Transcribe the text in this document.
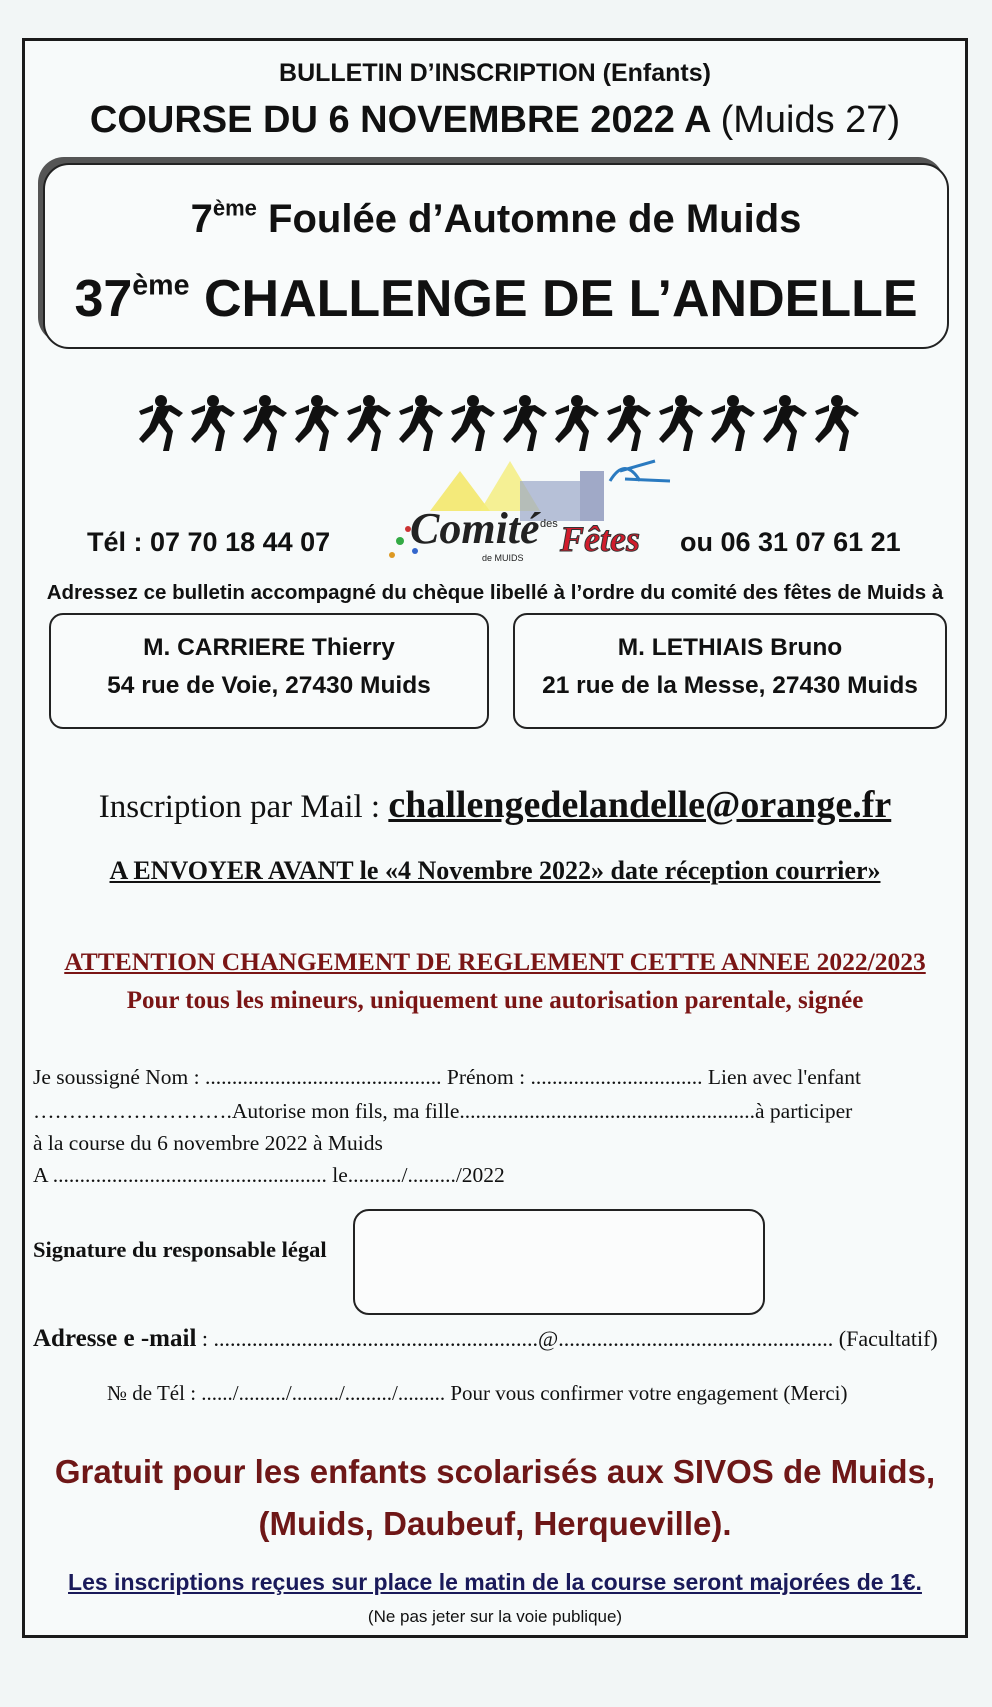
BULLETIN D’INSCRIPTION (Enfants)
COURSE DU 6 NOVEMBRE 2022 A (Muids 27)
7ème Foulée d’Automne de Muids
37ème CHALLENGE DE L’ANDELLE
Comité des Fêtes
de MUIDS
Tél : 07 70 18 44 07	ou 06 31 07 61 21
Adressez ce bulletin accompagné du chèque libellé à l’ordre du comité des fêtes de Muids à
M. CARRIERE Thierry
54 rue de Voie, 27430 Muids
M. LETHIAIS Bruno
21 rue de la Messe, 27430 Muids
Inscription par Mail : challengedelandelle@orange.fr
A ENVOYER AVANT le «4 Novembre 2022» date réception courrier»
ATTENTION CHANGEMENT DE REGLEMENT CETTE ANNEE 2022/2023
Pour tous les mineurs, uniquement une autorisation parentale, signée
Je soussigné Nom : ............................................ Prénom : ................................ Lien avec l'enfant
……………………….Autorise mon fils, ma fille.......................................................à participer
à la course du 6 novembre 2022 à Muids
A ................................................... le........../........./2022
Signature du responsable légal
Adresse e -mail : ...........................................................@.................................................. (Facultatif)
№ de Tél : ....../........./........./........./......... Pour vous confirmer votre engagement (Merci)
Gratuit pour les enfants scolarisés aux SIVOS de Muids,
(Muids, Daubeuf, Herqueville).
Les inscriptions reçues sur place le matin de la course seront majorées de 1€.
(Ne pas jeter sur la voie publique)
